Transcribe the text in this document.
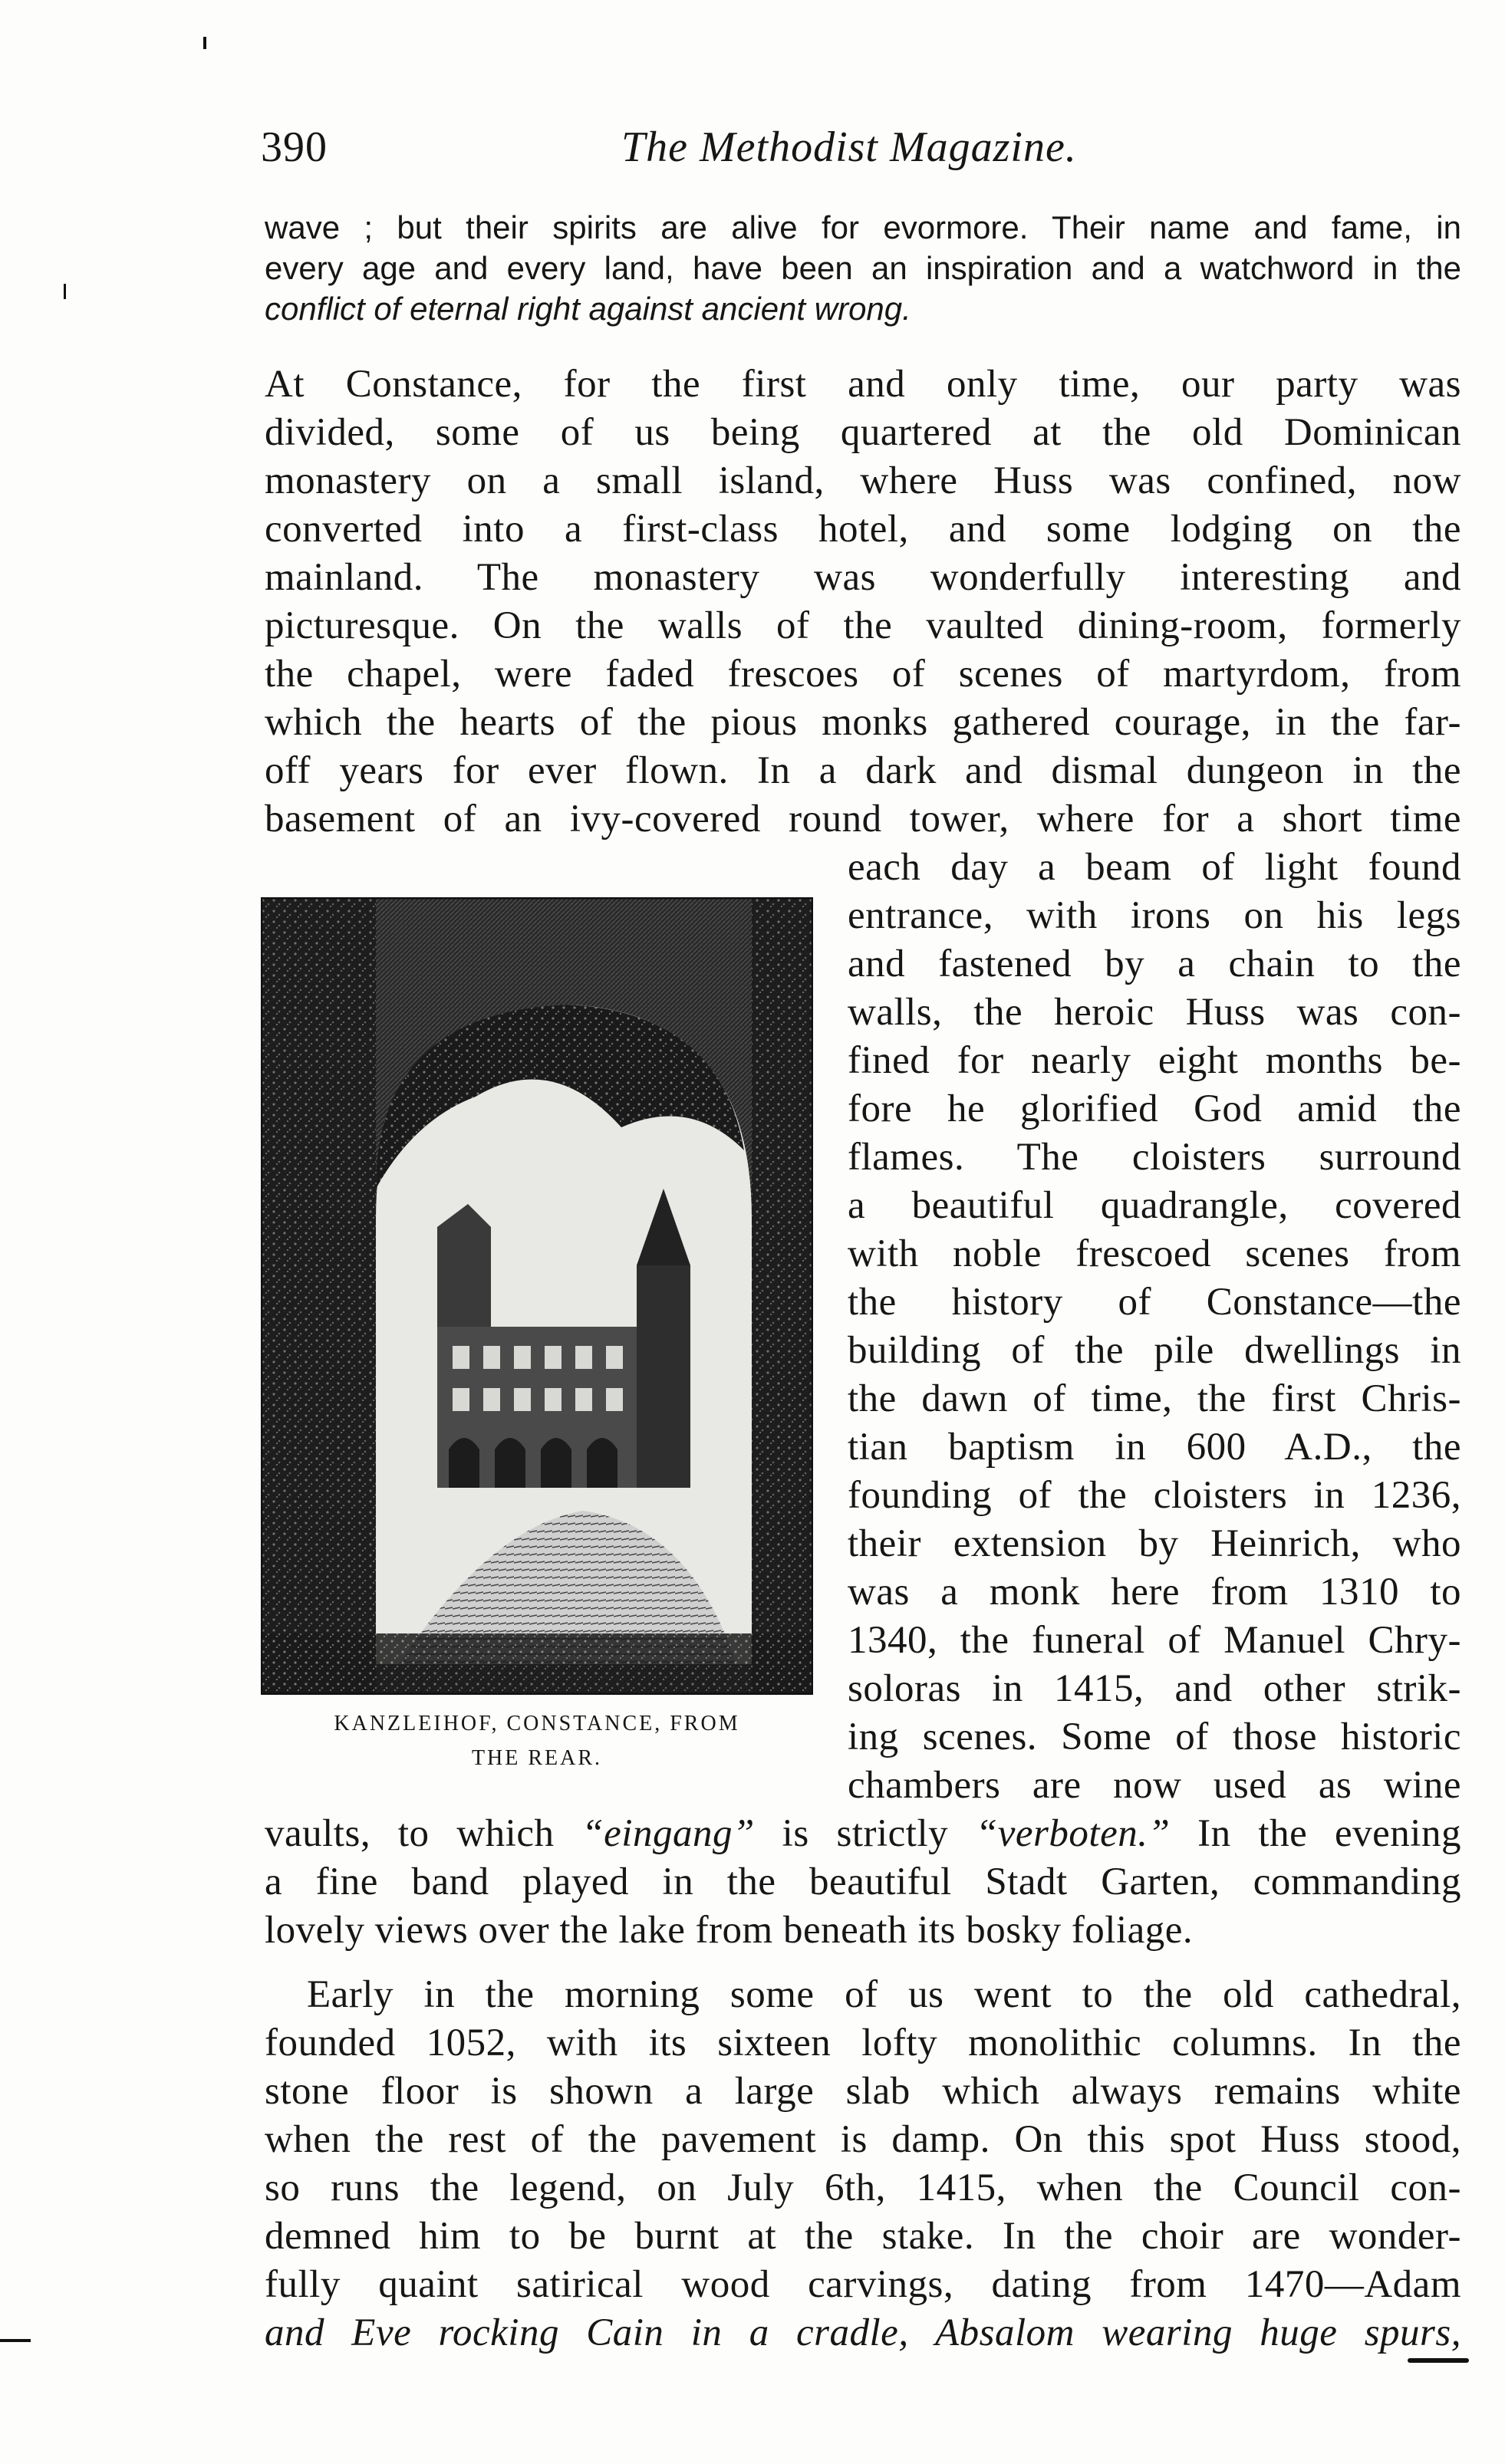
390	The Methodist Magazine.
wave ; but their spirits are alive for evormore. Their name and fame, in
every age and every land, have been an inspiration and a watchword in the
conflict of eternal right against ancient wrong.
At Constance, for the first and only time, our party was
divided, some of us being quartered at the old Dominican
monastery on a small island, where Huss was confined, now
converted into a first-class hotel, and some lodging on the
mainland. The monastery was wonderfully interesting and
picturesque. On the walls of the vaulted dining-room, formerly
the chapel, were faded frescoes of scenes of martyrdom, from
which the hearts of the pious monks gathered courage, in the far-
off years for ever flown. In a dark and dismal dungeon in the
basement of an ivy-covered round tower, where for a short time
each day a beam of light found
entrance, with irons on his legs
and fastened by a chain to the
walls, the heroic Huss was con-
fined for nearly eight months be-
fore he glorified God amid the
flames. The cloisters surround
a beautiful quadrangle, covered
with noble frescoed scenes from
the history of Constance—the
building of the pile dwellings in
the dawn of time, the first Chris-
tian baptism in 600 A.D., the
founding of the cloisters in 1236,
their extension by Heinrich, who
was a monk here from 1310 to
1340, the funeral of Manuel Chry-
soloras in 1415, and other strik-
ing scenes. Some of those historic
chambers are now used as wine
vaults, to which “eingang” is strictly “verboten.” In the evening
a fine band played in the beautiful Stadt Garten, commanding
lovely views over the lake from beneath its bosky foliage.
KANZLEIHOF, CONSTANCE, FROM
THE REAR.
Early in the morning some of us went to the old cathedral,
founded 1052, with its sixteen lofty monolithic columns. In the
stone floor is shown a large slab which always remains white
when the rest of the pavement is damp. On this spot Huss stood,
so runs the legend, on July 6th, 1415, when the Council con-
demned him to be burnt at the stake. In the choir are wonder-
fully quaint satirical wood carvings, dating from 1470—Adam
and Eve rocking Cain in a cradle, Absalom wearing huge spurs,
